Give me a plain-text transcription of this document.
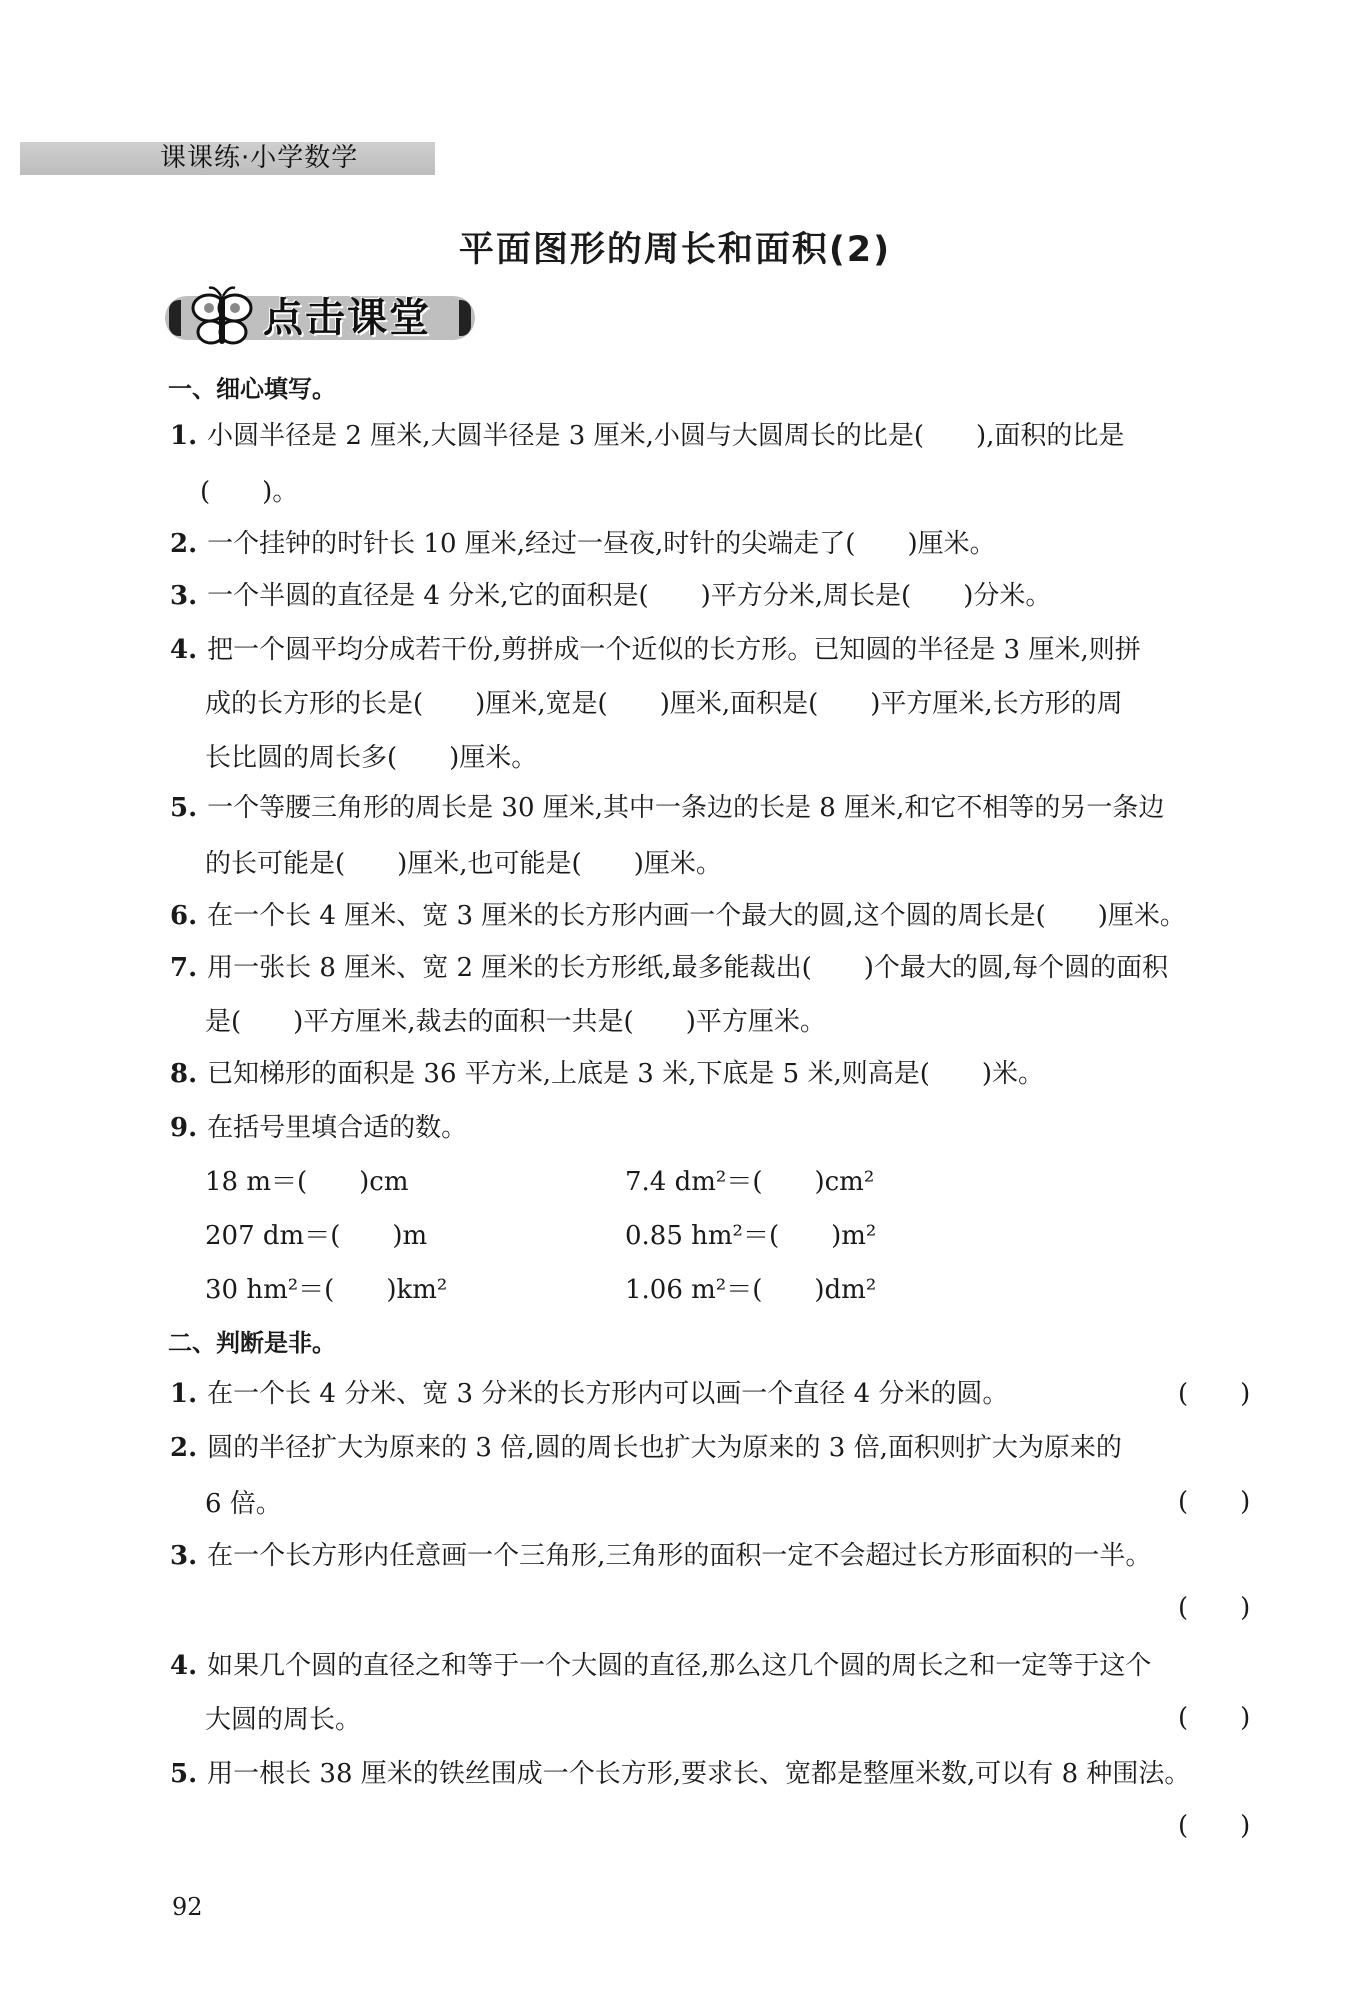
课课练·小学数学
平面图形的周长和面积(2)
点击课堂
一、细心填写。
1. 小圆半径是 2 厘米,大圆半径是 3 厘米,小圆与大圆周长的比是(　　),面积的比是
(　　)。
2. 一个挂钟的时针长 10 厘米,经过一昼夜,时针的尖端走了(　　)厘米。
3. 一个半圆的直径是 4 分米,它的面积是(　　)平方分米,周长是(　　)分米。
4. 把一个圆平均分成若干份,剪拼成一个近似的长方形。已知圆的半径是 3 厘米,则拼
成的长方形的长是(　　)厘米,宽是(　　)厘米,面积是(　　)平方厘米,长方形的周
长比圆的周长多(　　)厘米。
5. 一个等腰三角形的周长是 30 厘米,其中一条边的长是 8 厘米,和它不相等的另一条边
的长可能是(　　)厘米,也可能是(　　)厘米。
6. 在一个长 4 厘米、宽 3 厘米的长方形内画一个最大的圆,这个圆的周长是(　　)厘米。
7. 用一张长 8 厘米、宽 2 厘米的长方形纸,最多能裁出(　　)个最大的圆,每个圆的面积
是(　　)平方厘米,裁去的面积一共是(　　)平方厘米。
8. 已知梯形的面积是 36 平方米,上底是 3 米,下底是 5 米,则高是(　　)米。
9. 在括号里填合适的数。
18 m＝(　　)cm	7.4 dm²＝(　　)cm²
207 dm＝(　　)m	0.85 hm²＝(　　)m²
30 hm²＝(　　)km²	1.06 m²＝(　　)dm²
二、判断是非。
1. 在一个长 4 分米、宽 3 分米的长方形内可以画一个直径 4 分米的圆。	(　　)
2. 圆的半径扩大为原来的 3 倍,圆的周长也扩大为原来的 3 倍,面积则扩大为原来的
6 倍。	(　　)
3. 在一个长方形内任意画一个三角形,三角形的面积一定不会超过长方形面积的一半。
(　　)
4. 如果几个圆的直径之和等于一个大圆的直径,那么这几个圆的周长之和一定等于这个
大圆的周长。	(　　)
5. 用一根长 38 厘米的铁丝围成一个长方形,要求长、宽都是整厘米数,可以有 8 种围法。
(　　)
92
